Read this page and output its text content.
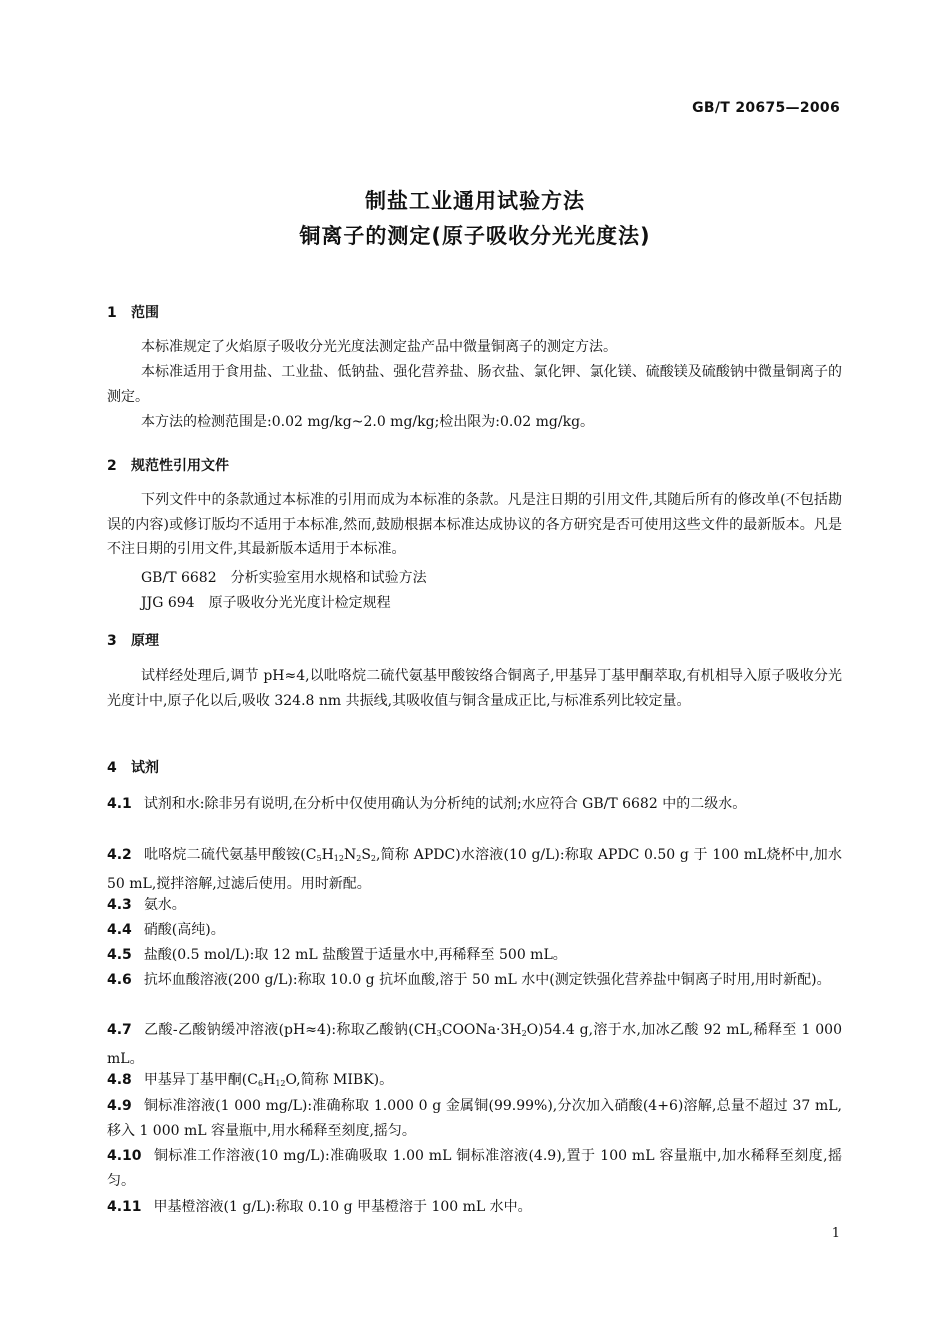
GB/T 20675—2006
制盐工业通用试验方法
铜离子的测定(原子吸收分光光度法)
1 范围
本标准规定了火焰原子吸收分光光度法测定盐产品中微量铜离子的测定方法。
本标准适用于食用盐、工业盐、低钠盐、强化营养盐、肠衣盐、氯化钾、氯化镁、硫酸镁及硫酸钠中微量铜离子的测定。
本方法的检测范围是:0.02 mg/kg~2.0 mg/kg;检出限为:0.02 mg/kg。
2 规范性引用文件
下列文件中的条款通过本标准的引用而成为本标准的条款。凡是注日期的引用文件,其随后所有的修改单(不包括勘误的内容)或修订版均不适用于本标准,然而,鼓励根据本标准达成协议的各方研究是否可使用这些文件的最新版本。凡是不注日期的引用文件,其最新版本适用于本标准。
GB/T 6682　分析实验室用水规格和试验方法
JJG 694　原子吸收分光光度计检定规程
3 原理
试样经处理后,调节 pH≈4,以吡咯烷二硫代氨基甲酸铵络合铜离子,甲基异丁基甲酮萃取,有机相导入原子吸收分光光度计中,原子化以后,吸收 324.8 nm 共振线,其吸收值与铜含量成正比,与标准系列比较定量。
4 试剂
4.1 试剂和水:除非另有说明,在分析中仅使用确认为分析纯的试剂;水应符合 GB/T 6682 中的二级水。
4.2 吡咯烷二硫代氨基甲酸铵($C_5H_{12}N_2S_2$,简称 APDC)水溶液(10 g/L):称取 APDC 0.50 g 于 100 mL烧杯中,加水 50 mL,搅拌溶解,过滤后使用。用时新配。
4.3 氨水。
4.4 硝酸(高纯)。
4.5 盐酸(0.5 mol/L):取 12 mL 盐酸置于适量水中,再稀释至 500 mL。
4.6 抗坏血酸溶液(200 g/L):称取 10.0 g 抗坏血酸,溶于 50 mL 水中(测定铁强化营养盐中铜离子时用,用时新配)。
4.7 乙酸-乙酸钠缓冲溶液(pH≈4):称取乙酸钠$(CH_3COONa\cdot 3H_2O)54.4$ g,溶于水,加冰乙酸 92 mL,稀释至 1 000 mL。
4.8 甲基异丁基甲酮($C_6H_{12}O$,简称 MIBK)。
4.9 铜标准溶液(1 000 mg/L):准确称取 1.000 0 g 金属铜(99.99%),分次加入硝酸(4+6)溶解,总量不超过 37 mL,移入 1 000 mL 容量瓶中,用水稀释至刻度,摇匀。
4.10 铜标准工作溶液(10 mg/L):准确吸取 1.00 mL 铜标准溶液(4.9),置于 100 mL 容量瓶中,加水稀释至刻度,摇匀。
4.11 甲基橙溶液(1 g/L):称取 0.10 g 甲基橙溶于 100 mL 水中。
1
